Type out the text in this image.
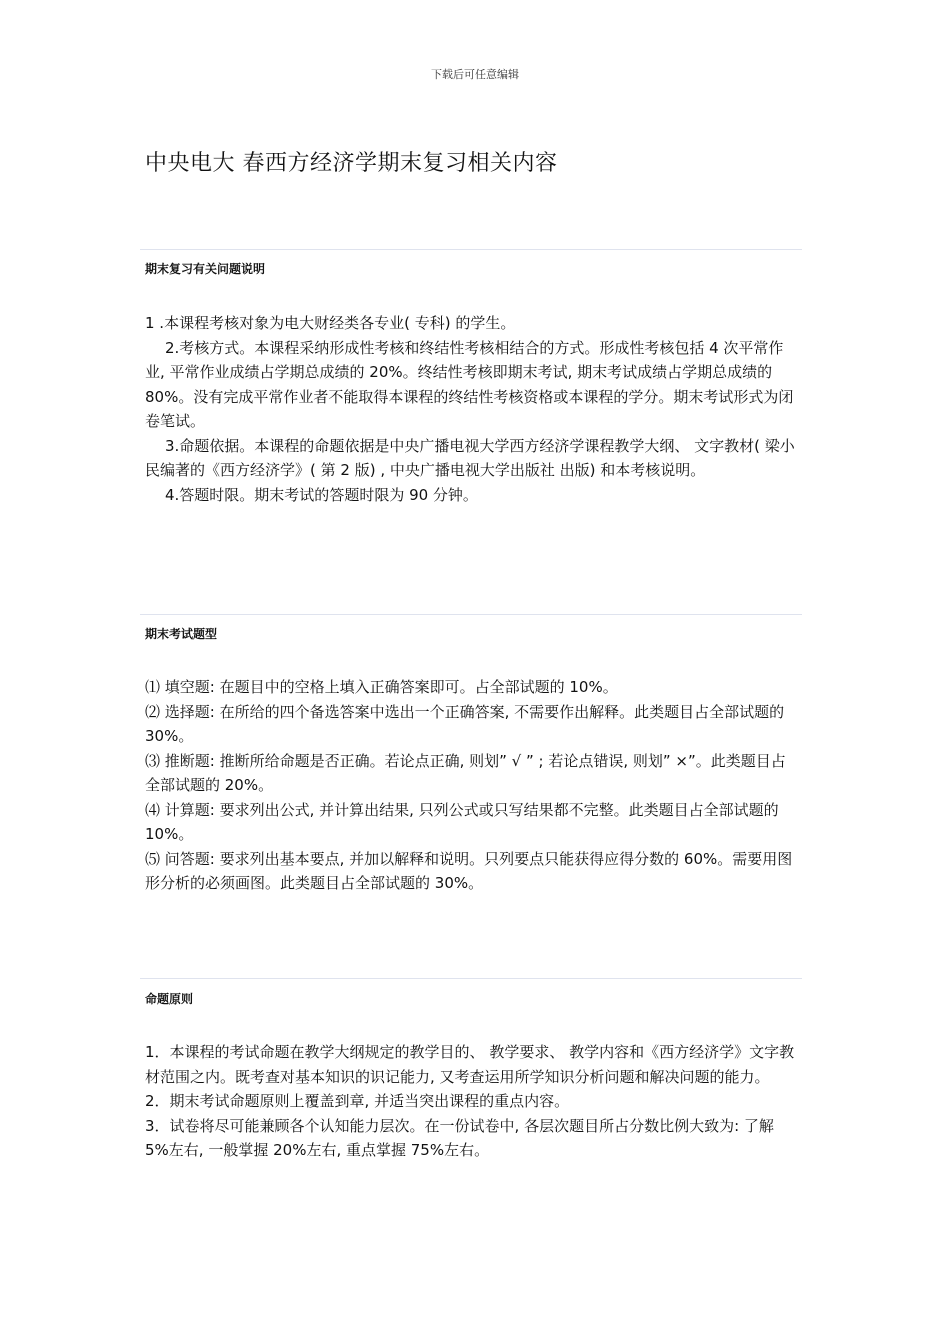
下载后可任意编辑
中央电大 春西方经济学期末复习相关内容
期末复习有关问题说明

1 .本课程考核对象为电大财经类各专业( 专科) 的学生。

2.考核方式。本课程采纳形成性考核和终结性考核相结合的方式。形成性考核包括 4 次平常作业, 平常作业成绩占学期总成绩的 20%。终结性考核即期末考试, 期末考试成绩占学期总成绩的 80%。没有完成平常作业者不能取得本课程的终结性考核资格或本课程的学分。期末考试形式为闭卷笔试。

3.命题依据。本课程的命题依据是中央广播电视大学西方经济学课程教学大纲、 文字教材( 梁小民编著的《西方经济学》( 第 2 版) , 中央广播电视大学出版社 出版) 和本考核说明。

4.答题时限。期末考试的答题时限为 90 分钟。

期末考试题型

⑴ 填空题: 在题目中的空格上填入正确答案即可。占全部试题的 10%。

⑵ 选择题: 在所给的四个备选答案中选出一个正确答案, 不需要作出解释。此类题目占全部试题的 30%。

⑶ 推断题: 推断所给命题是否正确。若论点正确, 则划” √ ” ; 若论点错误, 则划” ×”。此类题目占全部试题的 20%。

⑷ 计算题: 要求列出公式, 并计算出结果, 只列公式或只写结果都不完整。此类题目占全部试题的 10%。

⑸ 问答题: 要求列出基本要点, 并加以解释和说明。只列要点只能获得应得分数的 60%。需要用图形分析的必须画图。此类题目占全部试题的 30%。

命题原则

1．本课程的考试命题在教学大纲规定的教学目的、 教学要求、 教学内容和《西方经济学》文字教材范围之内。既考查对基本知识的识记能力, 又考查运用所学知识分析问题和解决问题的能力。

2．期末考试命题原则上覆盖到章, 并适当突出课程的重点内容。

3．试卷将尽可能兼顾各个认知能力层次。在一份试卷中, 各层次题目所占分数比例大致为: 了解 5%左右, 一般掌握 20%左右, 重点掌握 75%左右。
